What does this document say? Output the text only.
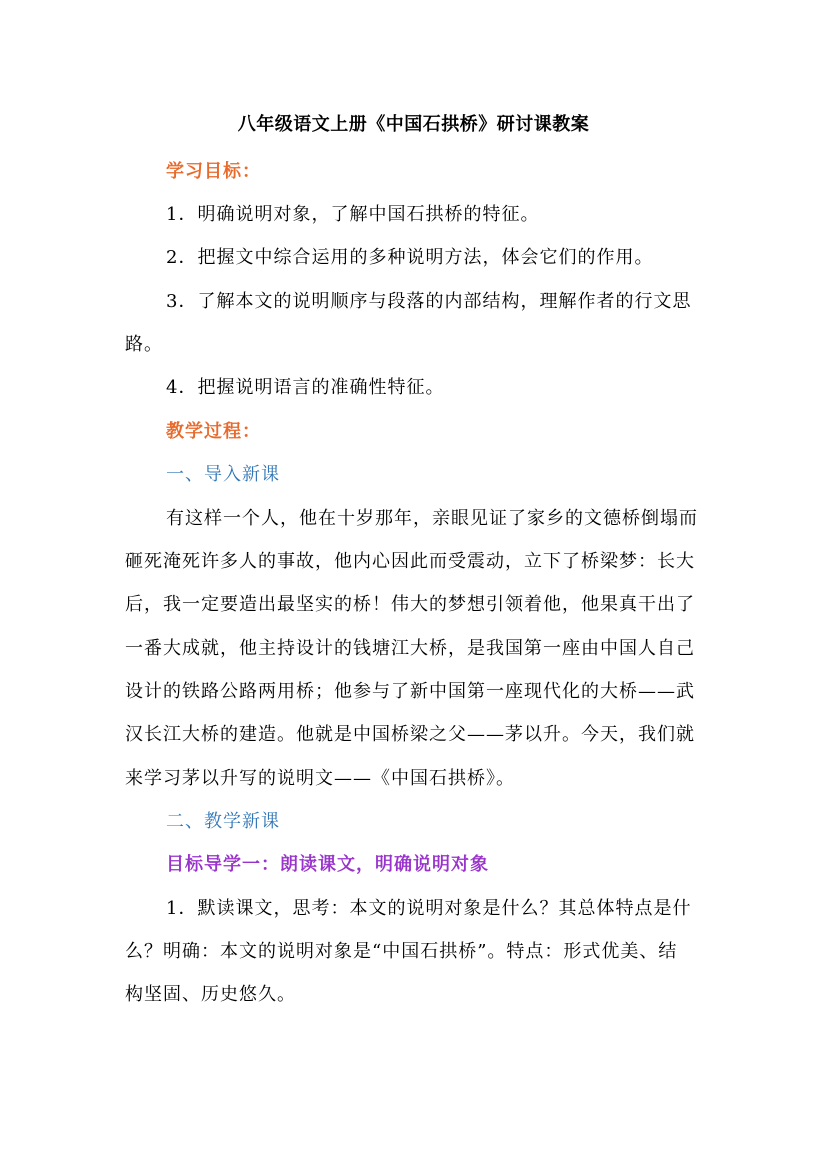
八年级语文上册《中国石拱桥》研讨课教案
学习目标：
1．明确说明对象，了解中国石拱桥的特征。
2．把握文中综合运用的多种说明方法，体会它们的作用。
3．了解本文的说明顺序与段落的内部结构，理解作者的行文思
路。
4．把握说明语言的准确性特征。
教学过程：
一、导入新课
有这样一个人，他在十岁那年，亲眼见证了家乡的文德桥倒塌而
砸死淹死许多人的事故，他内心因此而受震动，立下了桥梁梦：长大
后，我一定要造出最坚实的桥！伟大的梦想引领着他，他果真干出了
一番大成就，他主持设计的钱塘江大桥，是我国第一座由中国人自己
设计的铁路公路两用桥；他参与了新中国第一座现代化的大桥——武
汉长江大桥的建造。他就是中国桥梁之父——茅以升。今天，我们就
来学习茅以升写的说明文——《中国石拱桥》。
二、教学新课
目标导学一：朗读课文，明确说明对象
1．默读课文，思考：本文的说明对象是什么？其总体特点是什
么？明确：本文的说明对象是“中国石拱桥”。特点：形式优美、结
构坚固、历史悠久。
